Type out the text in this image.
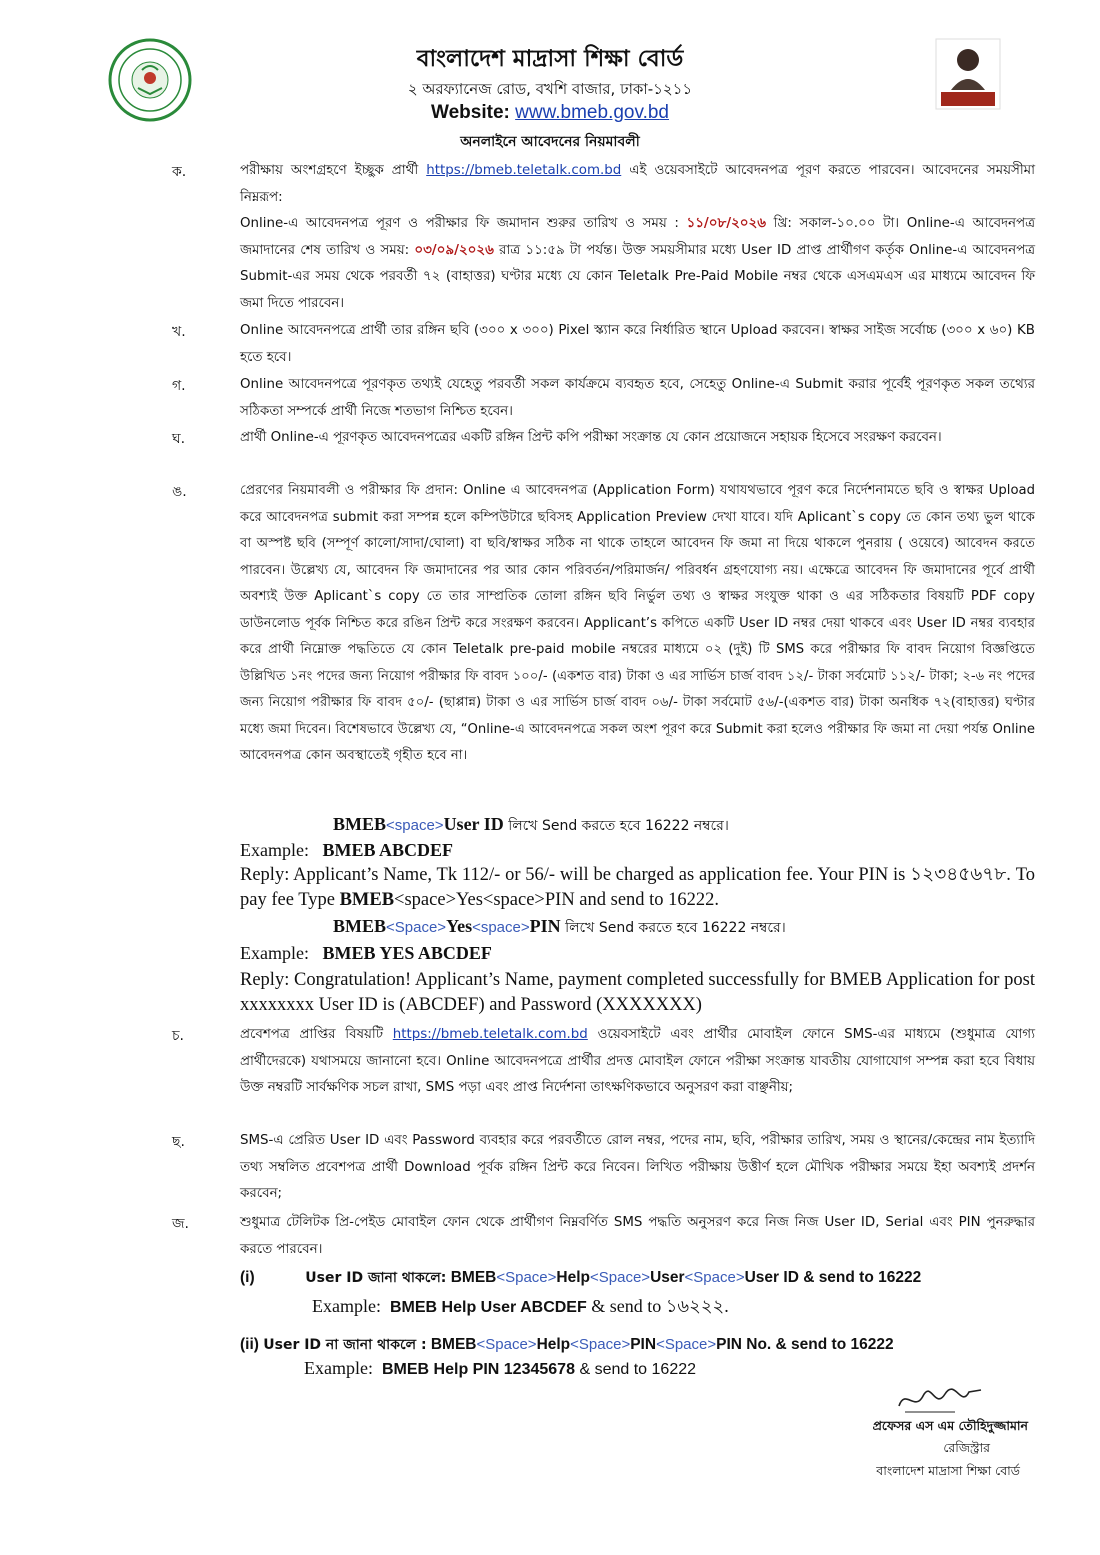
বাংলাদেশ মাদ্রাসা শিক্ষা বোর্ড
২ অরফ্যানেজ রোড, বখশি বাজার, ঢাকা-১২১১
Website: www.bmeb.gov.bd
অনলাইনে আবেদনের নিয়মাবলী
ক.	পরীক্ষায় অংশগ্রহণে ইচ্ছুক প্রার্থী https://bmeb.teletalk.com.bd এই ওয়েবসাইটে আবেদনপত্র পূরণ করতে পারবেন। আবেদনের সময়সীমা নিম্নরূপ:
Online-এ আবেদনপত্র পূরণ ও পরীক্ষার ফি জমাদান শুরুর তারিখ ও সময় : ১১/০৮/২০২৬ খ্রি: সকাল-১০.০০ টা। Online-এ আবেদনপত্র জমাদানের শেষ তারিখ ও সময়: ০৩/০৯/২০২৬ রাত্র ১১:৫৯ টা পর্যন্ত। উক্ত সময়সীমার মধ্যে User ID প্রাপ্ত প্রার্থীগণ কর্তৃক Online-এ আবেদনপত্র Submit-এর সময় থেকে পরবর্তী ৭২ (বাহাত্তর) ঘণ্টার মধ্যে যে কোন Teletalk Pre-Paid Mobile নম্বর থেকে এসএমএস এর মাধ্যমে আবেদন ফি জমা দিতে পারবেন।
খ.	Online আবেদনপত্রে প্রার্থী তার রঙ্গিন ছবি (৩০০ x ৩০০) Pixel স্ক্যান করে নির্ধারিত স্থানে Upload করবেন। স্বাক্ষর সাইজ সর্বোচ্চ (৩০০ x ৬০) KB হতে হবে।
গ.	Online আবেদনপত্রে পূরণকৃত তথ্যই যেহেতু পরবর্তী সকল কার্যক্রমে ব্যবহৃত হবে, সেহেতু Online-এ Submit করার পূর্বেই পূরণকৃত সকল তথ্যের সঠিকতা সম্পর্কে প্রার্থী নিজে শতভাগ নিশ্চিত হবেন।
ঘ.	প্রার্থী Online-এ পূরণকৃত আবেদনপত্রের একটি রঙ্গিন প্রিন্ট কপি পরীক্ষা সংক্রান্ত যে কোন প্রয়োজনে সহায়ক হিসেবে সংরক্ষণ করবেন।
ঙ.	প্রেরণের নিয়মাবলী ও পরীক্ষার ফি প্রদান: Online এ আবেদনপত্র (Application Form) যথাযথভাবে পূরণ করে নির্দেশনামতে ছবি ও স্বাক্ষর Upload করে আবেদনপত্র submit করা সম্পন্ন হলে কম্পিউটারে ছবিসহ Application Preview দেখা যাবে। যদি Aplicant`s copy তে কোন তথ্য ভুল থাকে বা অস্পষ্ট ছবি (সম্পূর্ণ কালো/সাদা/ঘোলা) বা ছবি/স্বাক্ষর সঠিক না থাকে তাহলে আবেদন ফি জমা না দিয়ে থাকলে পুনরায় ( ওয়েবে) আবেদন করতে পারবেন। উল্লেখ্য যে, আবেদন ফি জমাদানের পর আর কোন পরিবর্তন/পরিমার্জন/ পরিবর্ধন গ্রহণযোগ্য নয়। এক্ষেত্রে আবেদন ফি জমাদানের পূর্বে প্রার্থী অবশ্যই উক্ত Aplicant`s copy তে তার সাম্প্রতিক তোলা রঙ্গিন ছবি নির্ভুল তথ্য ও স্বাক্ষর সংযুক্ত থাকা ও এর সঠিকতার বিষয়টি PDF copy ডাউনলোড পূর্বক নিশ্চিত করে রঙিন প্রিন্ট করে সংরক্ষণ করবেন। Applicant’s কপিতে একটি User ID নম্বর দেয়া থাকবে এবং User ID নম্বর ব্যবহার করে প্রার্থী নিম্নোক্ত পদ্ধতিতে যে কোন Teletalk pre-paid mobile নম্বরের মাধ্যমে ০২ (দুই) টি SMS করে পরীক্ষার ফি বাবদ নিয়োগ বিজ্ঞপ্তিতে উল্লিখিত ১নং পদের জন্য নিয়োগ পরীক্ষার ফি বাবদ ১০০/- (একশত বার) টাকা ও এর সার্ভিস চার্জ বাবদ ১২/- টাকা সর্বমোট ১১২/- টাকা; ২-৬ নং পদের জন্য নিয়োগ পরীক্ষার ফি বাবদ ৫০/- (ছাপ্পান্ন) টাকা ও এর সার্ভিস চার্জ বাবদ ০৬/- টাকা সর্বমোট ৫৬/-(একশত বার) টাকা অনধিক ৭২(বাহাত্তর) ঘণ্টার মধ্যে জমা দিবেন। বিশেষভাবে উল্লেখ্য যে, “Online-এ আবেদনপত্রে সকল অংশ পূরণ করে Submit করা হলেও পরীক্ষার ফি জমা না দেয়া পর্যন্ত Online আবেদনপত্র কোন অবস্থাতেই গৃহীত হবে না।
BMEB<space>User ID লিখে Send করতে হবে 16222 নম্বরে।
Example: BMEB ABCDEF
Reply: Applicant’s Name, Tk 112/- or 56/- will be charged as application fee. Your PIN is ১২৩৪৫৬৭৮. To pay fee Type BMEB<space>Yes<space>PIN and send to 16222.
BMEB<Space>Yes<space>PIN লিখে Send করতে হবে 16222 নম্বরে।
Example: BMEB YES ABCDEF
Reply: Congratulation! Applicant’s Name, payment completed successfully for BMEB Application for post xxxxxxxx User ID is (ABCDEF) and Password (XXXXXXX)
চ.	প্রবেশপত্র প্রাপ্তির বিষয়টি https://bmeb.teletalk.com.bd ওয়েবসাইটে এবং প্রার্থীর মোবাইল ফোনে SMS-এর মাধ্যমে (শুধুমাত্র যোগ্য প্রার্থীদেরকে) যথাসময়ে জানানো হবে। Online আবেদনপত্রে প্রার্থীর প্রদত্ত মোবাইল ফোনে পরীক্ষা সংক্রান্ত যাবতীয় যোগাযোগ সম্পন্ন করা হবে বিধায় উক্ত নম্বরটি সার্বক্ষণিক সচল রাখা, SMS পড়া এবং প্রাপ্ত নির্দেশনা তাৎক্ষণিকভাবে অনুসরণ করা বাঞ্ছনীয়;
ছ.	SMS-এ প্রেরিত User ID এবং Password ব্যবহার করে পরবর্তীতে রোল নম্বর, পদের নাম, ছবি, পরীক্ষার তারিখ, সময় ও স্থানের/কেন্দ্রের নাম ইত্যাদি তথ্য সম্বলিত প্রবেশপত্র প্রার্থী Download পূর্বক রঙ্গিন প্রিন্ট করে নিবেন। লিখিত পরীক্ষায় উত্তীর্ণ হলে মৌখিক পরীক্ষার সময়ে ইহা অবশ্যই প্রদর্শন করবেন;
জ.	শুধুমাত্র টেলিটক প্রি-পেইড মোবাইল ফোন থেকে প্রার্থীগণ নিম্নবর্ণিত SMS পদ্ধতি অনুসরণ করে নিজ নিজ User ID, Serial এবং PIN পুনরুদ্ধার করতে পারবেন।
(i)	User ID জানা থাকলে: BMEB<Space>Help<Space>User<Space>User ID & send to 16222
Example: BMEB Help User ABCDEF & send to ১৬২২২.
(ii) User ID না জানা থাকলে : BMEB<Space>Help<Space>PIN<Space>PIN No. & send to 16222
Example: BMEB Help PIN 12345678 & send to 16222
প্রফেসর এস এম তৌহিদুজ্জামান
রেজিস্ট্রার
বাংলাদেশ মাদ্রাসা শিক্ষা বোর্ড
